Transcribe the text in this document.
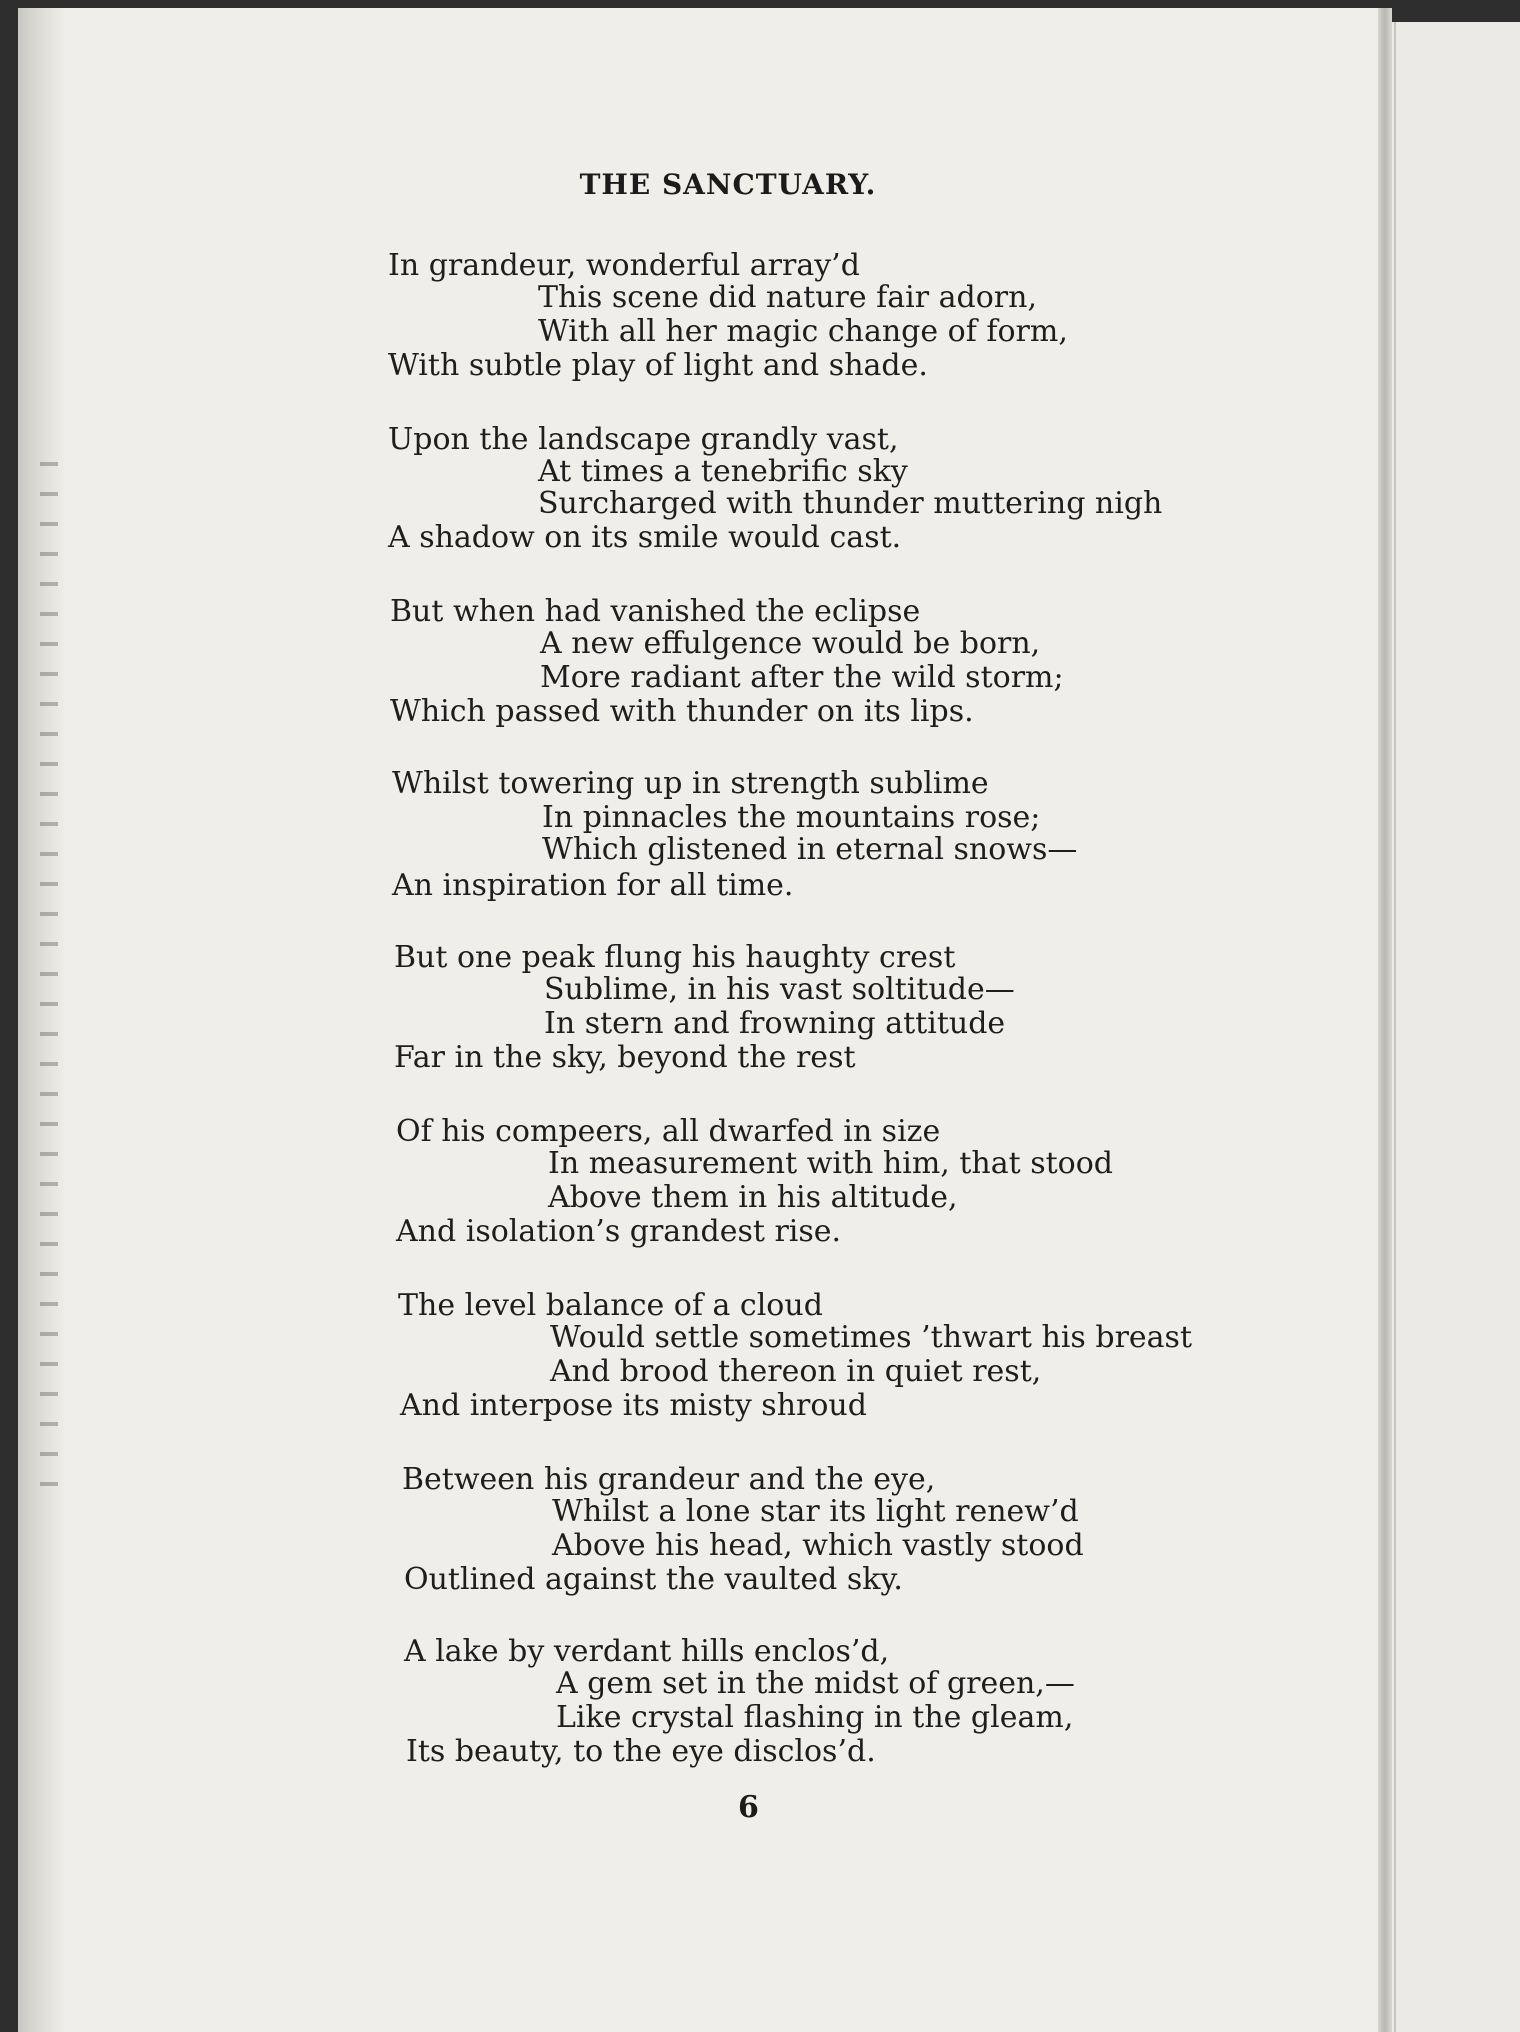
THE SANCTUARY.

In grandeur, wonderful array’d

This scene did nature fair adorn,

With all her magic change of form,

With subtle play of light and shade.

Upon the landscape grandly vast,

At times a tenebrific sky

Surcharged with thunder muttering nigh

A shadow on its smile would cast.

But when had vanished the eclipse

A new effulgence would be born,

More radiant after the wild storm;

Which passed with thunder on its lips.

Whilst towering up in strength sublime

In pinnacles the mountains rose;

Which glistened in eternal snows—

An inspiration for all time.

But one peak flung his haughty crest

Sublime, in his vast soltitude—

In stern and frowning attitude

Far in the sky, beyond the rest

Of his compeers, all dwarfed in size

In measurement with him, that stood

Above them in his altitude,

And isolation’s grandest rise.

The level balance of a cloud

Would settle sometimes ’thwart his breast

And brood thereon in quiet rest,

And interpose its misty shroud

Between his grandeur and the eye,

Whilst a lone star its light renew’d

Above his head, which vastly stood

Outlined against the vaulted sky.

A lake by verdant hills enclos’d,

A gem set in the midst of green,—

Like crystal flashing in the gleam,

Its beauty, to the eye disclos’d.

6
